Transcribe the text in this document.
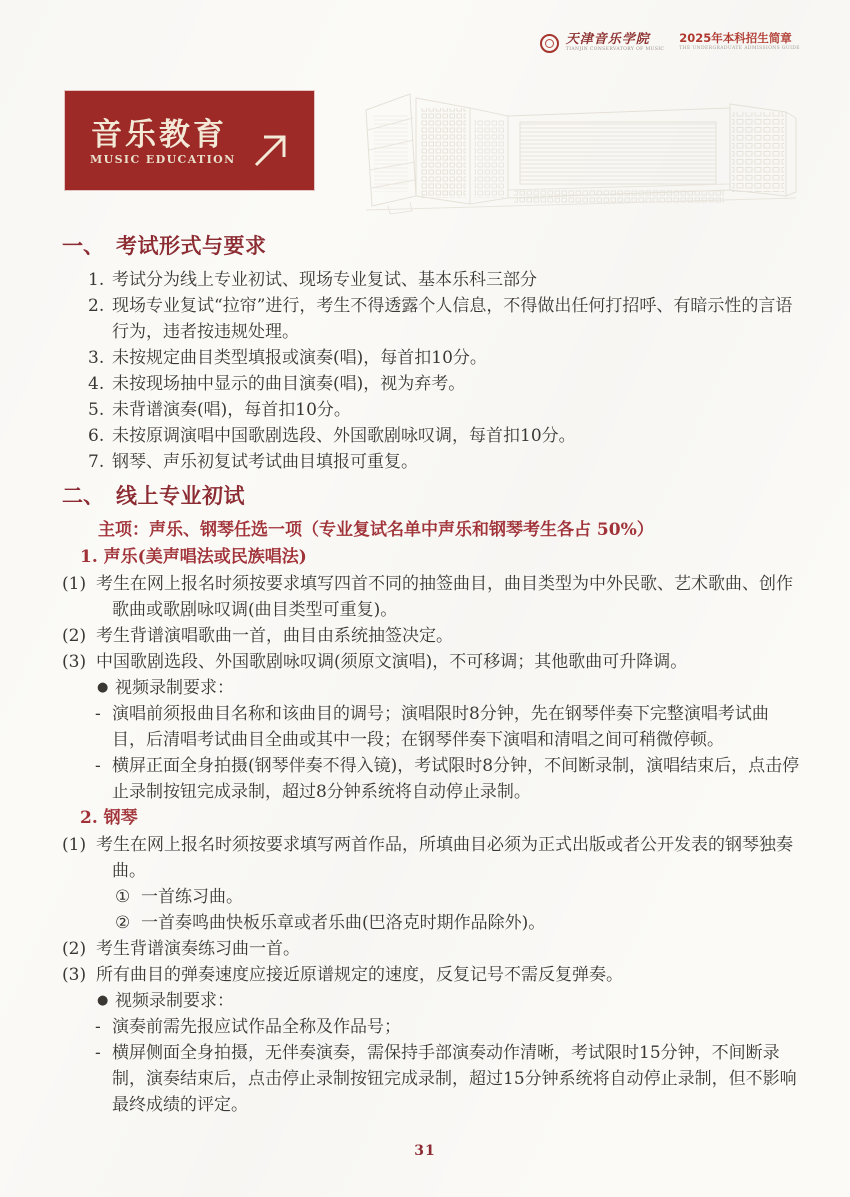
天津音乐学院
TIANJIN CONSERVATORY OF MUSIC
2025年本科招生简章
THE UNDERGRADUATE ADMISSIONS GUIDE
音乐教育
MUSIC EDUCATION
一、 考试形式与要求
1. 考试分为线上专业初试、现场专业复试、基本乐科三部分
2. 现场专业复试“拉帘”进行，考生不得透露个人信息，不得做出任何打招呼、有暗示性的言语行为，违者按违规处理。
3. 未按规定曲目类型填报或演奏(唱)，每首扣10分。
4. 未按现场抽中显示的曲目演奏(唱)，视为弃考。
5. 未背谱演奏(唱)，每首扣10分。
6. 未按原调演唱中国歌剧选段、外国歌剧咏叹调，每首扣10分。
7. 钢琴、声乐初复试考试曲目填报可重复。
二、 线上专业初试
主项：声乐、钢琴任选一项（专业复试名单中声乐和钢琴考生各占 50%）
1. 声乐(美声唱法或民族唱法)
(1) 考生在网上报名时须按要求填写四首不同的抽签曲目，曲目类型为中外民歌、艺术歌曲、创作歌曲或歌剧咏叹调(曲目类型可重复)。
(2) 考生背谱演唱歌曲一首，曲目由系统抽签决定。
(3) 中国歌剧选段、外国歌剧咏叹调(须原文演唱)，不可移调；其他歌曲可升降调。
● 视频录制要求：
- 演唱前须报曲目名称和该曲目的调号；演唱限时8分钟，先在钢琴伴奏下完整演唱考试曲目，后清唱考试曲目全曲或其中一段；在钢琴伴奏下演唱和清唱之间可稍微停顿。
- 横屏正面全身拍摄(钢琴伴奏不得入镜)，考试限时8分钟，不间断录制，演唱结束后，点击停止录制按钮完成录制，超过8分钟系统将自动停止录制。
2. 钢琴
(1) 考生在网上报名时须按要求填写两首作品，所填曲目必须为正式出版或者公开发表的钢琴独奏曲。
① 一首练习曲。
② 一首奏鸣曲快板乐章或者乐曲(巴洛克时期作品除外)。
(2) 考生背谱演奏练习曲一首。
(3) 所有曲目的弹奏速度应接近原谱规定的速度，反复记号不需反复弹奏。
● 视频录制要求：
- 演奏前需先报应试作品全称及作品号；
- 横屏侧面全身拍摄，无伴奏演奏，需保持手部演奏动作清晰，考试限时15分钟，不间断录制，演奏结束后，点击停止录制按钮完成录制，超过15分钟系统将自动停止录制，但不影响最终成绩的评定。
31
